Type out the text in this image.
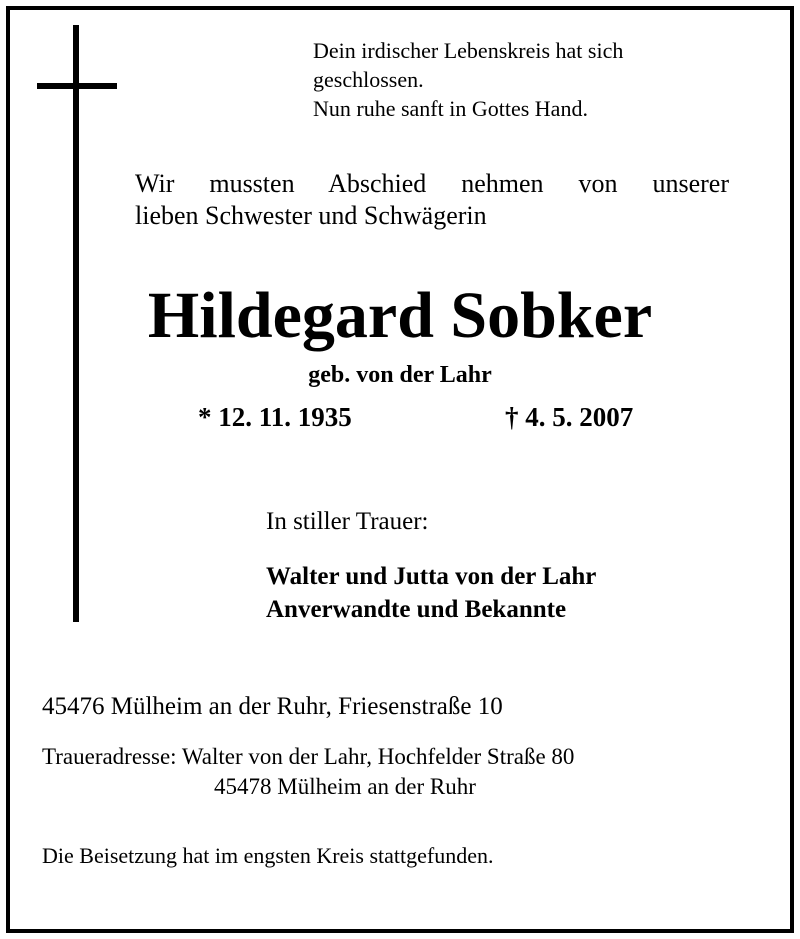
Dein irdischer Lebenskreis hat sich
geschlossen.
Nun ruhe sanft in Gottes Hand.
Wir mussten Abschied nehmen von unserer
lieben Schwester und Schwägerin
Hildegard Sobker
geb. von der Lahr
* 12. 11. 1935	† 4. 5. 2007
In stiller Trauer:
Walter und Jutta von der Lahr
Anverwandte und Bekannte
45476 Mülheim an der Ruhr, Friesenstraße 10
Traueradresse: Walter von der Lahr, Hochfelder Straße 80
45478 Mülheim an der Ruhr
Die Beisetzung hat im engsten Kreis stattgefunden.
